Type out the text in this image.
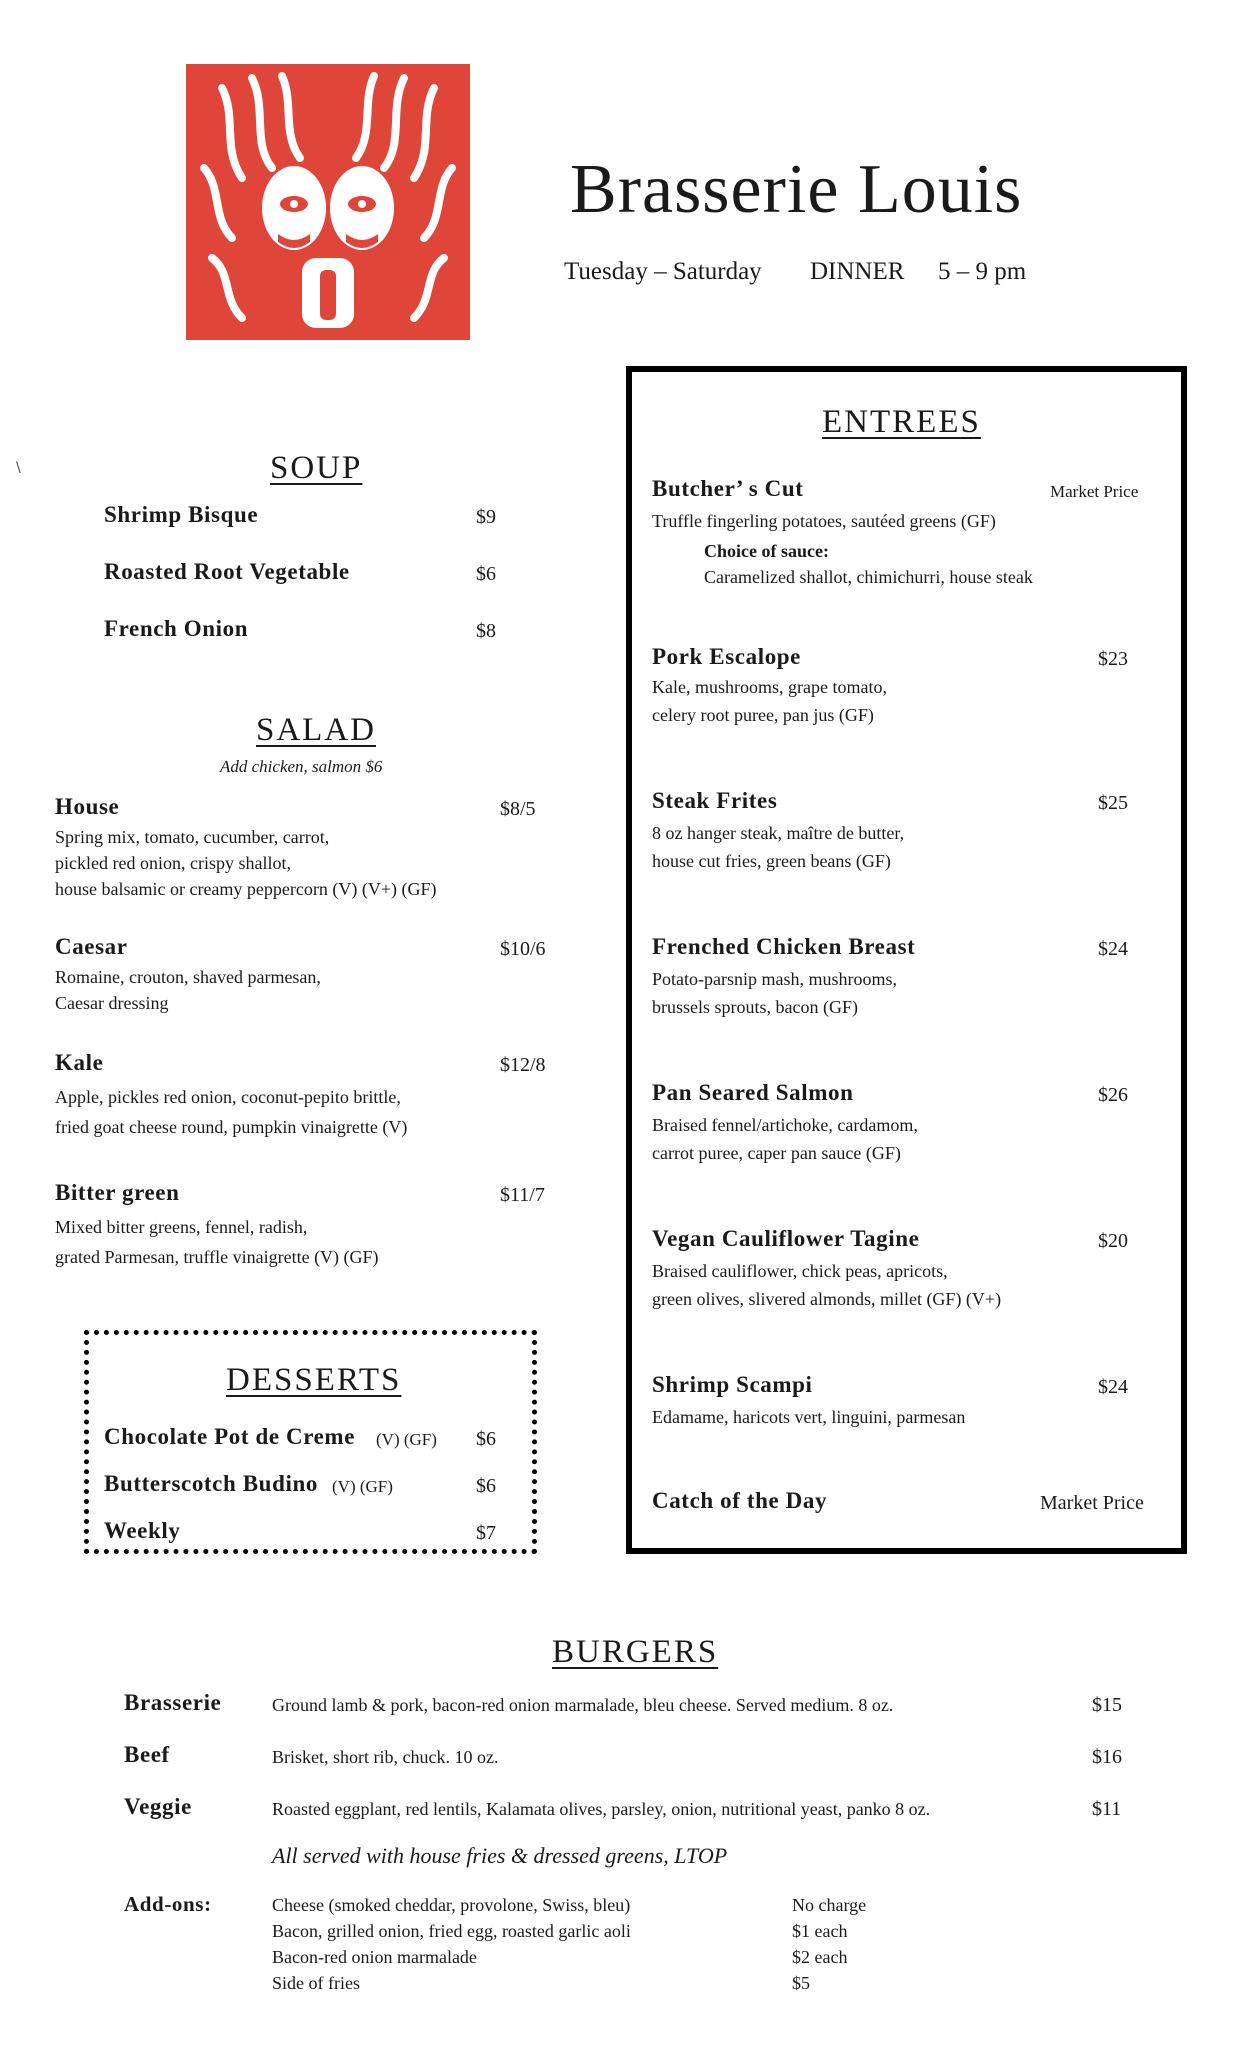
\
Brasserie Louis
Tuesday – Saturday DINNER 5 – 9 pm
SOUP
Shrimp Bisque	$9
Roasted Root Vegetable	$6
French Onion	$8
SALAD
Add chicken, salmon $6
House	$8/5
Spring mix, tomato, cucumber, carrot,
pickled red onion, crispy shallot,
house balsamic or creamy peppercorn (V) (V+) (GF)
Caesar	$10/6
Romaine, crouton, shaved parmesan,
Caesar dressing
Kale	$12/8
Apple, pickles red onion, coconut-pepito brittle,
fried goat cheese round, pumpkin vinaigrette (V)
Bitter green	$11/7
Mixed bitter greens, fennel, radish,
grated Parmesan, truffle vinaigrette (V) (GF)
DESSERTS
Chocolate Pot de Creme (V) (GF) $6
Butterscotch Budino (V) (GF)	$6
Weekly	$7
ENTREES
Butcher’ s Cut	Market Price
Truffle fingerling potatoes, sautéed greens (GF)
Choice of sauce:
Caramelized shallot, chimichurri, house steak
Pork Escalope	$23
Kale, mushrooms, grape tomato,
celery root puree, pan jus (GF)
Steak Frites	$25
8 oz hanger steak, maître de butter,
house cut fries, green beans (GF)
Frenched Chicken Breast	$24
Potato-parsnip mash, mushrooms,
brussels sprouts, bacon (GF)
Pan Seared Salmon	$26
Braised fennel/artichoke, cardamom,
carrot puree, caper pan sauce (GF)
Vegan Cauliflower Tagine	$20
Braised cauliflower, chick peas, apricots,
green olives, slivered almonds, millet (GF) (V+)
Shrimp Scampi	$24
Edamame, haricots vert, linguini, parmesan
Catch of the Day	Market Price
BURGERS
Brasserie	Ground lamb & pork, bacon-red onion marmalade, bleu cheese. Served medium. 8 oz.	$15
Beef	Brisket, short rib, chuck. 10 oz.	$16
Veggie	Roasted eggplant, red lentils, Kalamata olives, parsley, onion, nutritional yeast, panko 8 oz.	$11
All served with house fries & dressed greens, LTOP
Add-ons:	Cheese (smoked cheddar, provolone, Swiss, bleu)	No charge
Bacon, grilled onion, fried egg, roasted garlic aoli	$1 each
Bacon-red onion marmalade	$2 each
Side of fries	$5
